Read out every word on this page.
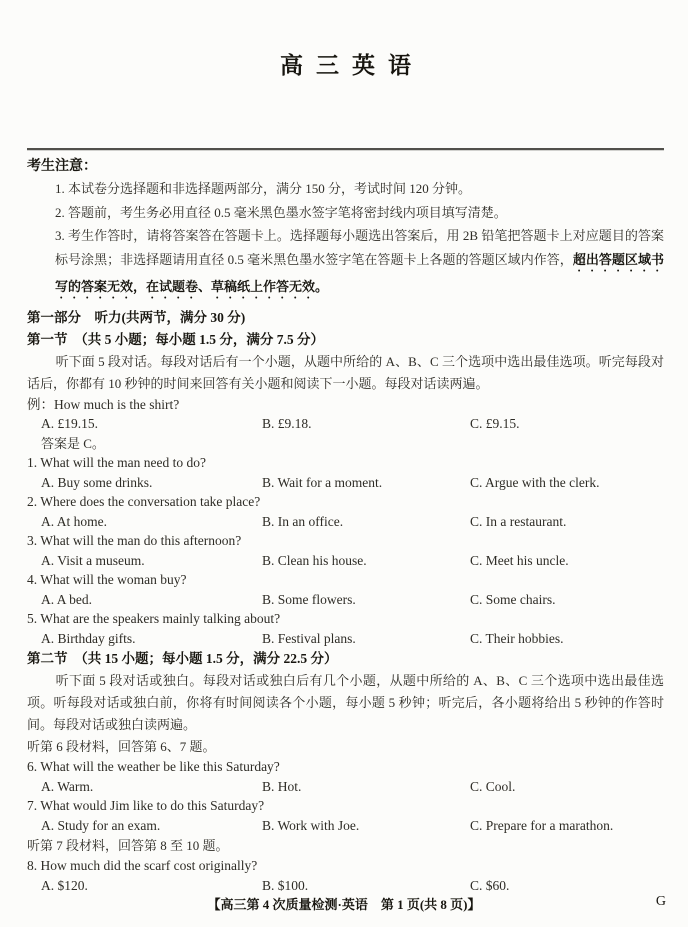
高三英语
考生注意：

1. 本试卷分选择题和非选择题两部分，满分 150 分，考试时间 120 分钟。

2. 答题前，考生务必用直径 0.5 毫米黑色墨水签字笔将密封线内项目填写清楚。

3. 考生作答时，请将答案答在答题卡上。选择题每小题选出答案后，用 2B 铅笔把答题卡上对应题目的答案标号涂黑；非选择题请用直径 0.5 毫米黑色墨水签字笔在答题卡上各题的答题区域内作答，超出答题区域书写的答案无效，在试题卷、草稿纸上作答无效。

第一部分　听力(共两节，满分 30 分)
第一节　（共 5 小题；每小题 1.5 分，满分 7.5 分）

听下面 5 段对话。每段对话后有一个小题，从题中所给的 A、B、C 三个选项中选出最佳选项。听完每段对话后，你都有 10 秒钟的时间来回答有关小题和阅读下一小题。每段对话读两遍。

例：How much is the shirt?
A. £19.15.	B. £9.18.	C. £9.15.
答案是 C。
1. What will the man need to do?
A. Buy some drinks.	B. Wait for a moment.	C. Argue with the clerk.
2. Where does the conversation take place?
A. At home.	B. In an office.	C. In a restaurant.
3. What will the man do this afternoon?
A. Visit a museum.	B. Clean his house.	C. Meet his uncle.
4. What will the woman buy?
A. A bed.	B. Some flowers.	C. Some chairs.
5. What are the speakers mainly talking about?
A. Birthday gifts.	B. Festival plans.	C. Their hobbies.
第二节　（共 15 小题；每小题 1.5 分，满分 22.5 分）

听下面 5 段对话或独白。每段对话或独白后有几个小题，从题中所给的 A、B、C 三个选项中选出最佳选项。听每段对话或独白前，你将有时间阅读各个小题，每小题 5 秒钟；听完后，各小题将给出 5 秒钟的作答时间。每段对话或独白读两遍。

听第 6 段材料，回答第 6、7 题。

6. What will the weather be like this Saturday?
A. Warm.	B. Hot.	C. Cool.
7. What would Jim like to do this Saturday?
A. Study for an exam.	B. Work with Joe.	C. Prepare for a marathon.

听第 7 段材料，回答第 8 至 10 题。

8. How much did the scarf cost originally?
A. $120.	B. $100.	C. $60.
【高三第 4 次质量检测·英语　第 1 页(共 8 页)】	G
